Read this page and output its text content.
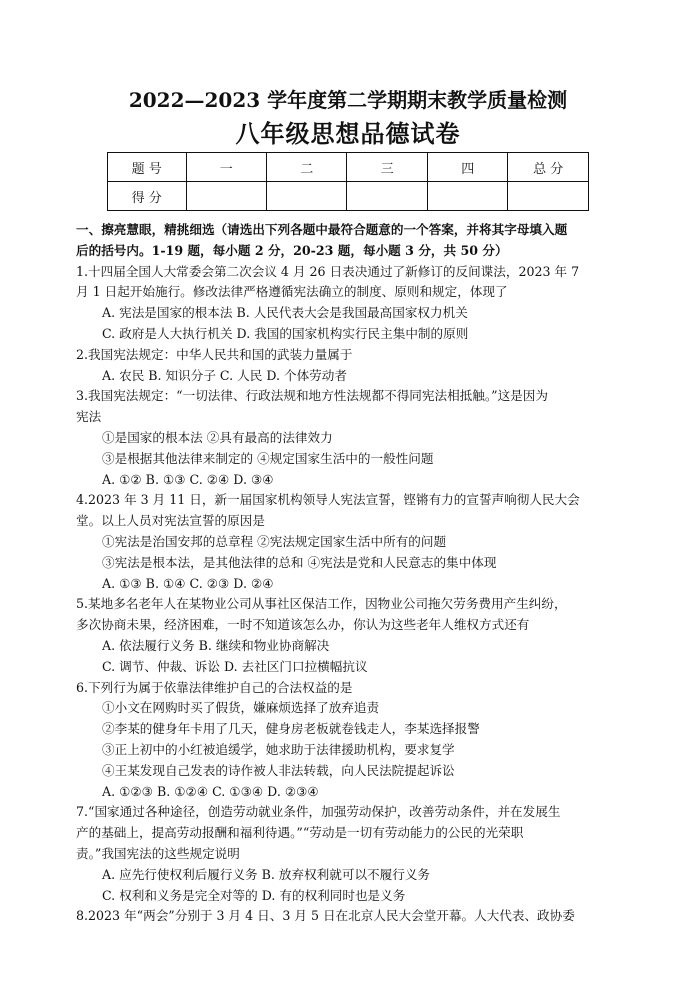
2022—2023 学年度第二学期期末教学质量检测
八年级思想品德试卷
题 号	一	二	三	四	总 分
得 分					
一、擦亮慧眼，精挑细选（请选出下列各题中最符合题意的一个答案，并将其字母填入题
后的括号内。1-19 题，每小题 2 分，20-23 题，每小题 3 分，共 50 分）
1.十四届全国人大常委会第二次会议 4 月 26 日表决通过了新修订的反间谍法，2023 年 7
月 1 日起开始施行。修改法律严格遵循宪法确立的制度、原则和规定，体现了
A. 宪法是国家的根本法 B. 人民代表大会是我国最高国家权力机关
C. 政府是人大执行机关 D. 我国的国家机构实行民主集中制的原则
2.我国宪法规定：中华人民共和国的武装力量属于
A. 农民 B. 知识分子 C. 人民 D. 个体劳动者
3.我国宪法规定：“一切法律、行政法规和地方性法规都不得同宪法相抵触。”这是因为
宪法
①是国家的根本法 ②具有最高的法律效力
③是根据其他法律来制定的 ④规定国家生活中的一般性问题
A. ①② B. ①③ C. ②④ D. ③④
4.2023 年 3 月 11 日，新一届国家机构领导人宪法宣誓，铿锵有力的宣誓声响彻人民大会
堂。以上人员对宪法宣誓的原因是
①宪法是治国安邦的总章程 ②宪法规定国家生活中所有的问题
③宪法是根本法，是其他法律的总和 ④宪法是党和人民意志的集中体现
A. ①③ B. ①④ C. ②③ D. ②④
5.某地多名老年人在某物业公司从事社区保洁工作，因物业公司拖欠劳务费用产生纠纷，
多次协商未果，经济困难，一时不知道该怎么办，你认为这些老年人维权方式还有
A. 依法履行义务 B. 继续和物业协商解决
C. 调节、仲裁、诉讼 D. 去社区门口拉横幅抗议
6.下列行为属于依靠法律维护自己的合法权益的是
①小文在网购时买了假货，嫌麻烦选择了放弃追责
②李某的健身年卡用了几天，健身房老板就卷钱走人，李某选择报警
③正上初中的小红被追缓学，她求助于法律援助机构，要求复学
④王某发现自己发表的诗作被人非法转载，向人民法院提起诉讼
A. ①②③ B. ①②④ C. ①③④ D. ②③④
7.“国家通过各种途径，创造劳动就业条件，加强劳动保护，改善劳动条件，并在发展生
产的基础上，提高劳动报酬和福利待遇。”“劳动是一切有劳动能力的公民的光荣职
责。”我国宪法的这些规定说明
A. 应先行使权利后履行义务 B. 放弃权利就可以不履行义务
C. 权利和义务是完全对等的 D. 有的权利同时也是义务
8.2023 年“两会”分别于 3 月 4 日、3 月 5 日在北京人民大会堂开幕。人大代表、政协委
